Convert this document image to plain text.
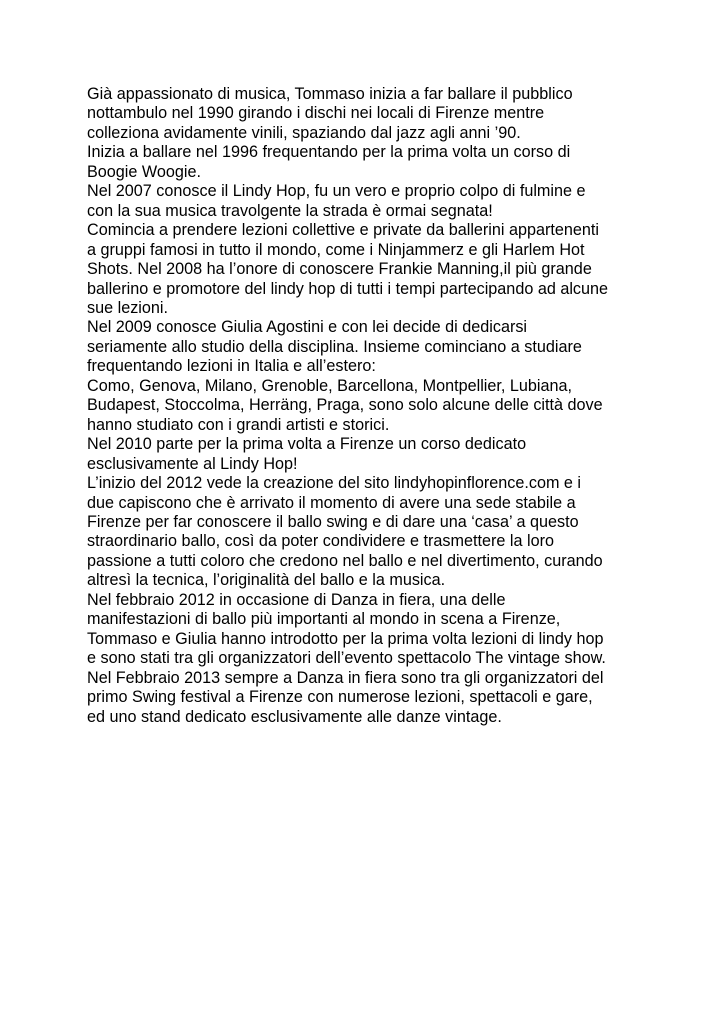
Già appassionato di musica, Tommaso inizia a far ballare il pubblico
nottambulo nel 1990 girando i dischi nei locali di Firenze mentre
colleziona avidamente vinili, spaziando dal jazz agli anni ’90.
Inizia a ballare nel 1996 frequentando per la prima volta un corso di
Boogie Woogie.
Nel 2007 conosce il Lindy Hop, fu un vero e proprio colpo di fulmine e
con la sua musica travolgente la strada è ormai segnata!
Comincia a prendere lezioni collettive e private da ballerini appartenenti
a gruppi famosi in tutto il mondo, come i Ninjammerz e gli Harlem Hot
Shots. Nel 2008 ha l’onore di conoscere Frankie Manning,il più grande
ballerino e promotore del lindy hop di tutti i tempi partecipando ad alcune
sue lezioni.
Nel 2009 conosce Giulia Agostini e con lei decide di dedicarsi
seriamente allo studio della disciplina. Insieme cominciano a studiare
frequentando lezioni in Italia e all’estero:
Como, Genova, Milano, Grenoble, Barcellona, Montpellier, Lubiana,
Budapest, Stoccolma, Herräng, Praga, sono solo alcune delle città dove
hanno studiato con i grandi artisti e storici.
Nel 2010 parte per la prima volta a Firenze un corso dedicato
esclusivamente al Lindy Hop!
L’inizio del 2012 vede la creazione del sito lindyhopinflorence.com e i
due capiscono che è arrivato il momento di avere una sede stabile a
Firenze per far conoscere il ballo swing e di dare una ‘casa’ a questo
straordinario ballo, così da poter condividere e trasmettere la loro
passione a tutti coloro che credono nel ballo e nel divertimento, curando
altresì la tecnica, l’originalità del ballo e la musica.
Nel febbraio 2012 in occasione di Danza in fiera, una delle
manifestazioni di ballo più importanti al mondo in scena a Firenze,
Tommaso e Giulia hanno introdotto per la prima volta lezioni di lindy hop
e sono stati tra gli organizzatori dell’evento spettacolo The vintage show.
Nel Febbraio 2013 sempre a Danza in fiera sono tra gli organizzatori del
primo Swing festival a Firenze con numerose lezioni, spettacoli e gare,
ed uno stand dedicato esclusivamente alle danze vintage.
